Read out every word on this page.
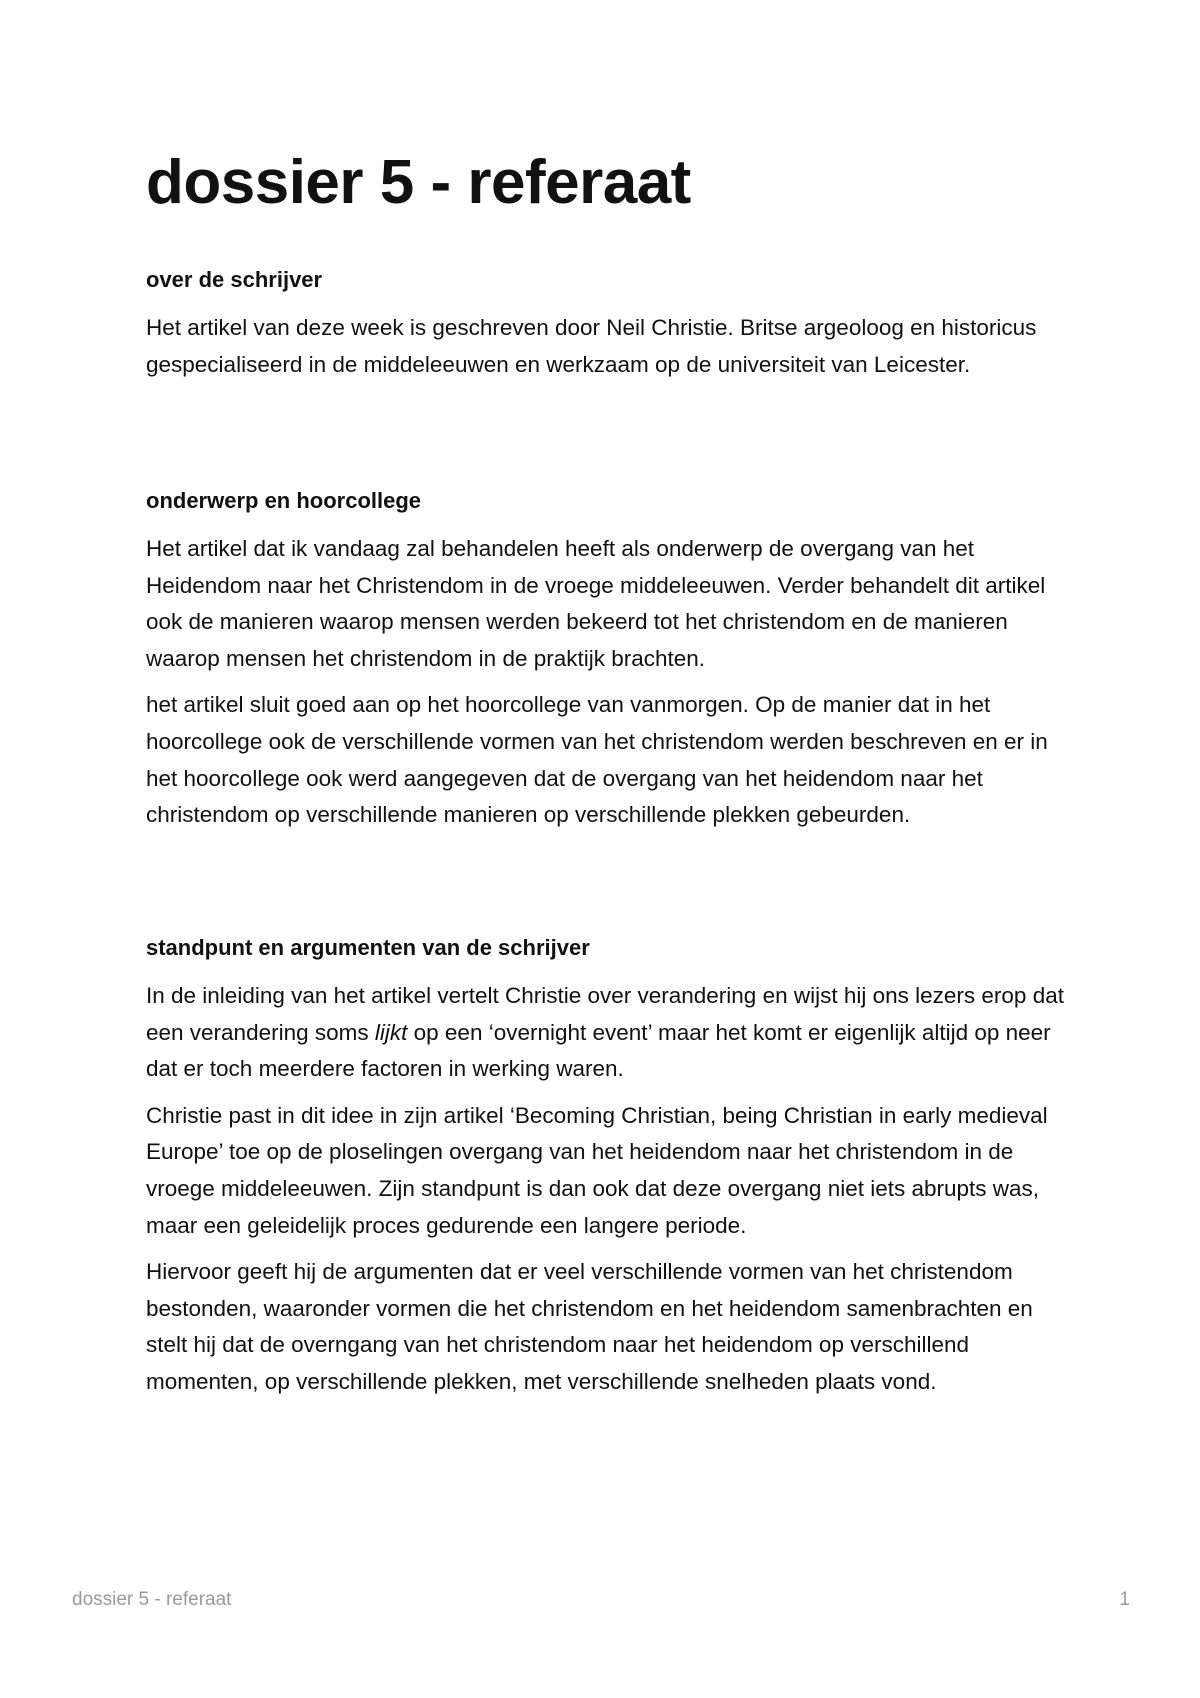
dossier 5 - referaat
over de schrijver

Het artikel van deze week is geschreven door Neil Christie. Britse argeoloog en historicus gespecialiseerd in de middeleeuwen en werkzaam op de universiteit van Leicester.

onderwerp en hoorcollege

Het artikel dat ik vandaag zal behandelen heeft als onderwerp de overgang van het Heidendom naar het Christendom in de vroege middeleeuwen. Verder behandelt dit artikel ook de manieren waarop mensen werden bekeerd tot het christendom en de manieren waarop mensen het christendom in de praktijk brachten.

het artikel sluit goed aan op het hoorcollege van vanmorgen. Op de manier dat in het hoorcollege ook de verschillende vormen van het christendom werden beschreven en er in het hoorcollege ook werd aangegeven dat de overgang van het heidendom naar het christendom op verschillende manieren op verschillende plekken gebeurden.

standpunt en argumenten van de schrijver

In de inleiding van het artikel vertelt Christie over verandering en wijst hij ons lezers erop dat een verandering soms lijkt op een ‘overnight event’ maar het komt er eigenlijk altijd op neer dat er toch meerdere factoren in werking waren.

Christie past in dit idee in zijn artikel ‘Becoming Christian, being Christian in early medieval Europe’ toe op de ploselingen overgang van het heidendom naar het christendom in de vroege middeleeuwen. Zijn standpunt is dan ook dat deze overgang niet iets abrupts was, maar een geleidelijk proces gedurende een langere periode.

Hiervoor geeft hij de argumenten dat er veel verschillende vormen van het christendom bestonden, waaronder vormen die het christendom en het heidendom samenbrachten en stelt hij dat de overngang van het christendom naar het heidendom op verschillend momenten, op verschillende plekken, met verschillende snelheden plaats vond.

dossier 5 - referaat	1
